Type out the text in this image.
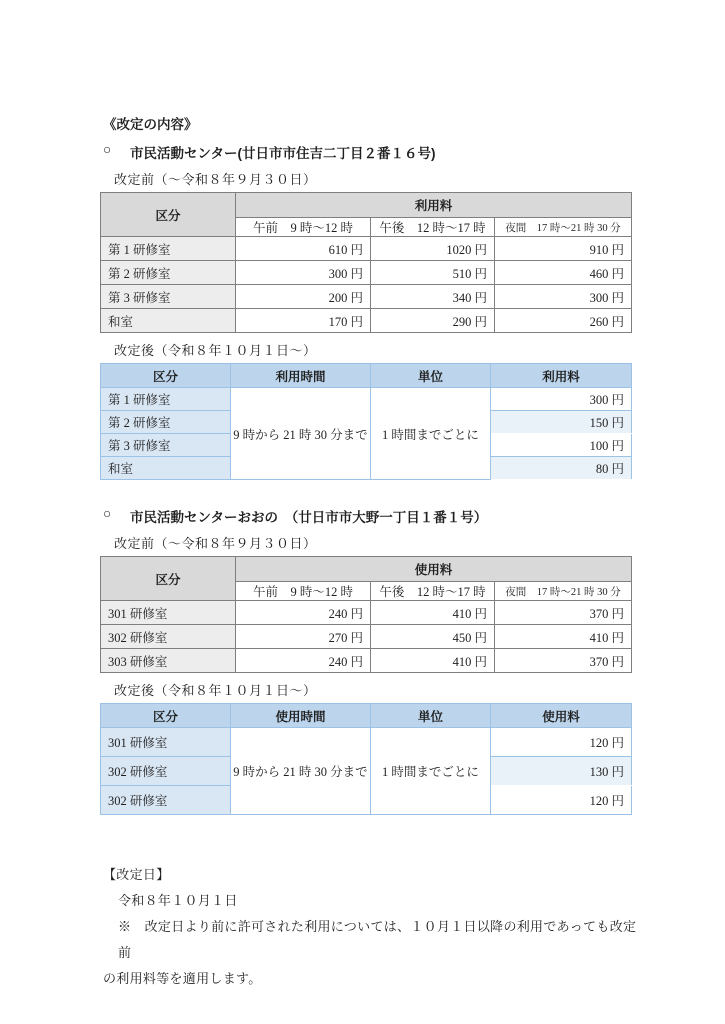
《改定の内容》
○	市民活動センター(廿日市市住吉二丁目２番１６号)
改定前（～令和８年９月３０日）
区分	利用料		
	午前　9 時～12 時	午後　12 時～17 時	夜間　17 時～21 時 30 分
第 1 研修室	610 円	1020 円	910 円
第 2 研修室	300 円	510 円	460 円
第 3 研修室	200 円	340 円	300 円
和室	170 円	290 円	260 円
改定後（令和８年１０月１日～）
区分	利用時間	単位	利用料
第 1 研修室	9 時から 21 時 30 分まで	1 時間までごとに	300 円
第 2 研修室			150 円
第 3 研修室			100 円
和室			80 円
○	市民活動センターおおの　（廿日市市大野一丁目１番１号）
改定前（～令和８年９月３０日）
区分	使用料		
	午前　9 時～12 時	午後　12 時～17 時	夜間　17 時～21 時 30 分
301 研修室	240 円	410 円	370 円
302 研修室	270 円	450 円	410 円
303 研修室	240 円	410 円	370 円
改定後（令和８年１０月１日～）
区分	使用時間	単位	使用料
301 研修室	9 時から 21 時 30 分まで	1 時間までごとに	120 円
302 研修室			130 円
302 研修室			120 円
【改定日】
令和８年１０月１日
※　改定日より前に許可された利用については、１０月１日以降の利用であっても改定前
の利用料等を適用します。
